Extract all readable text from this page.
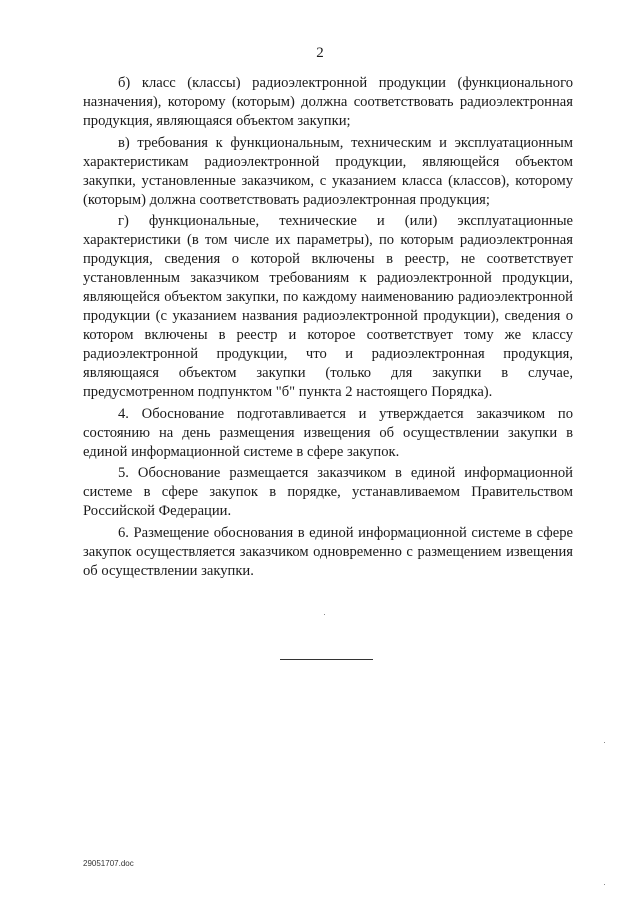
2

б) класс (классы) радиоэлектронной продукции (функционального назначения), которому (которым) должна соответствовать радиоэлектронная продукция, являющаяся объектом закупки;

в) требования к функциональным, техническим и эксплуатационным характеристикам радиоэлектронной продукции, являющейся объектом закупки, установленные заказчиком, с указанием класса (классов), которому (которым) должна соответствовать радиоэлектронная продукция;

г) функциональные, технические и (или) эксплуатационные характеристики (в том числе их параметры), по которым радиоэлектронная продукция, сведения о которой включены в реестр, не соответствует установленным заказчиком требованиям к радиоэлектронной продукции, являющейся объектом закупки, по каждому наименованию радиоэлектронной продукции (с указанием названия радиоэлектронной продукции), сведения о котором включены в реестр и которое соответствует тому же классу радиоэлектронной продукции, что и радиоэлектронная продукция, являющаяся объектом закупки (только для закупки в случае, предусмотренном подпунктом "б" пункта 2 настоящего Порядка).

4. Обоснование подготавливается и утверждается заказчиком по состоянию на день размещения извещения об осуществлении закупки в единой информационной системе в сфере закупок.

5. Обоснование размещается заказчиком в единой информационной системе в сфере закупок в порядке, устанавливаемом Правительством Российской Федерации.

6. Размещение обоснования в единой информационной системе в сфере закупок осуществляется заказчиком одновременно с размещением извещения об осуществлении закупки.

29051707.doc
